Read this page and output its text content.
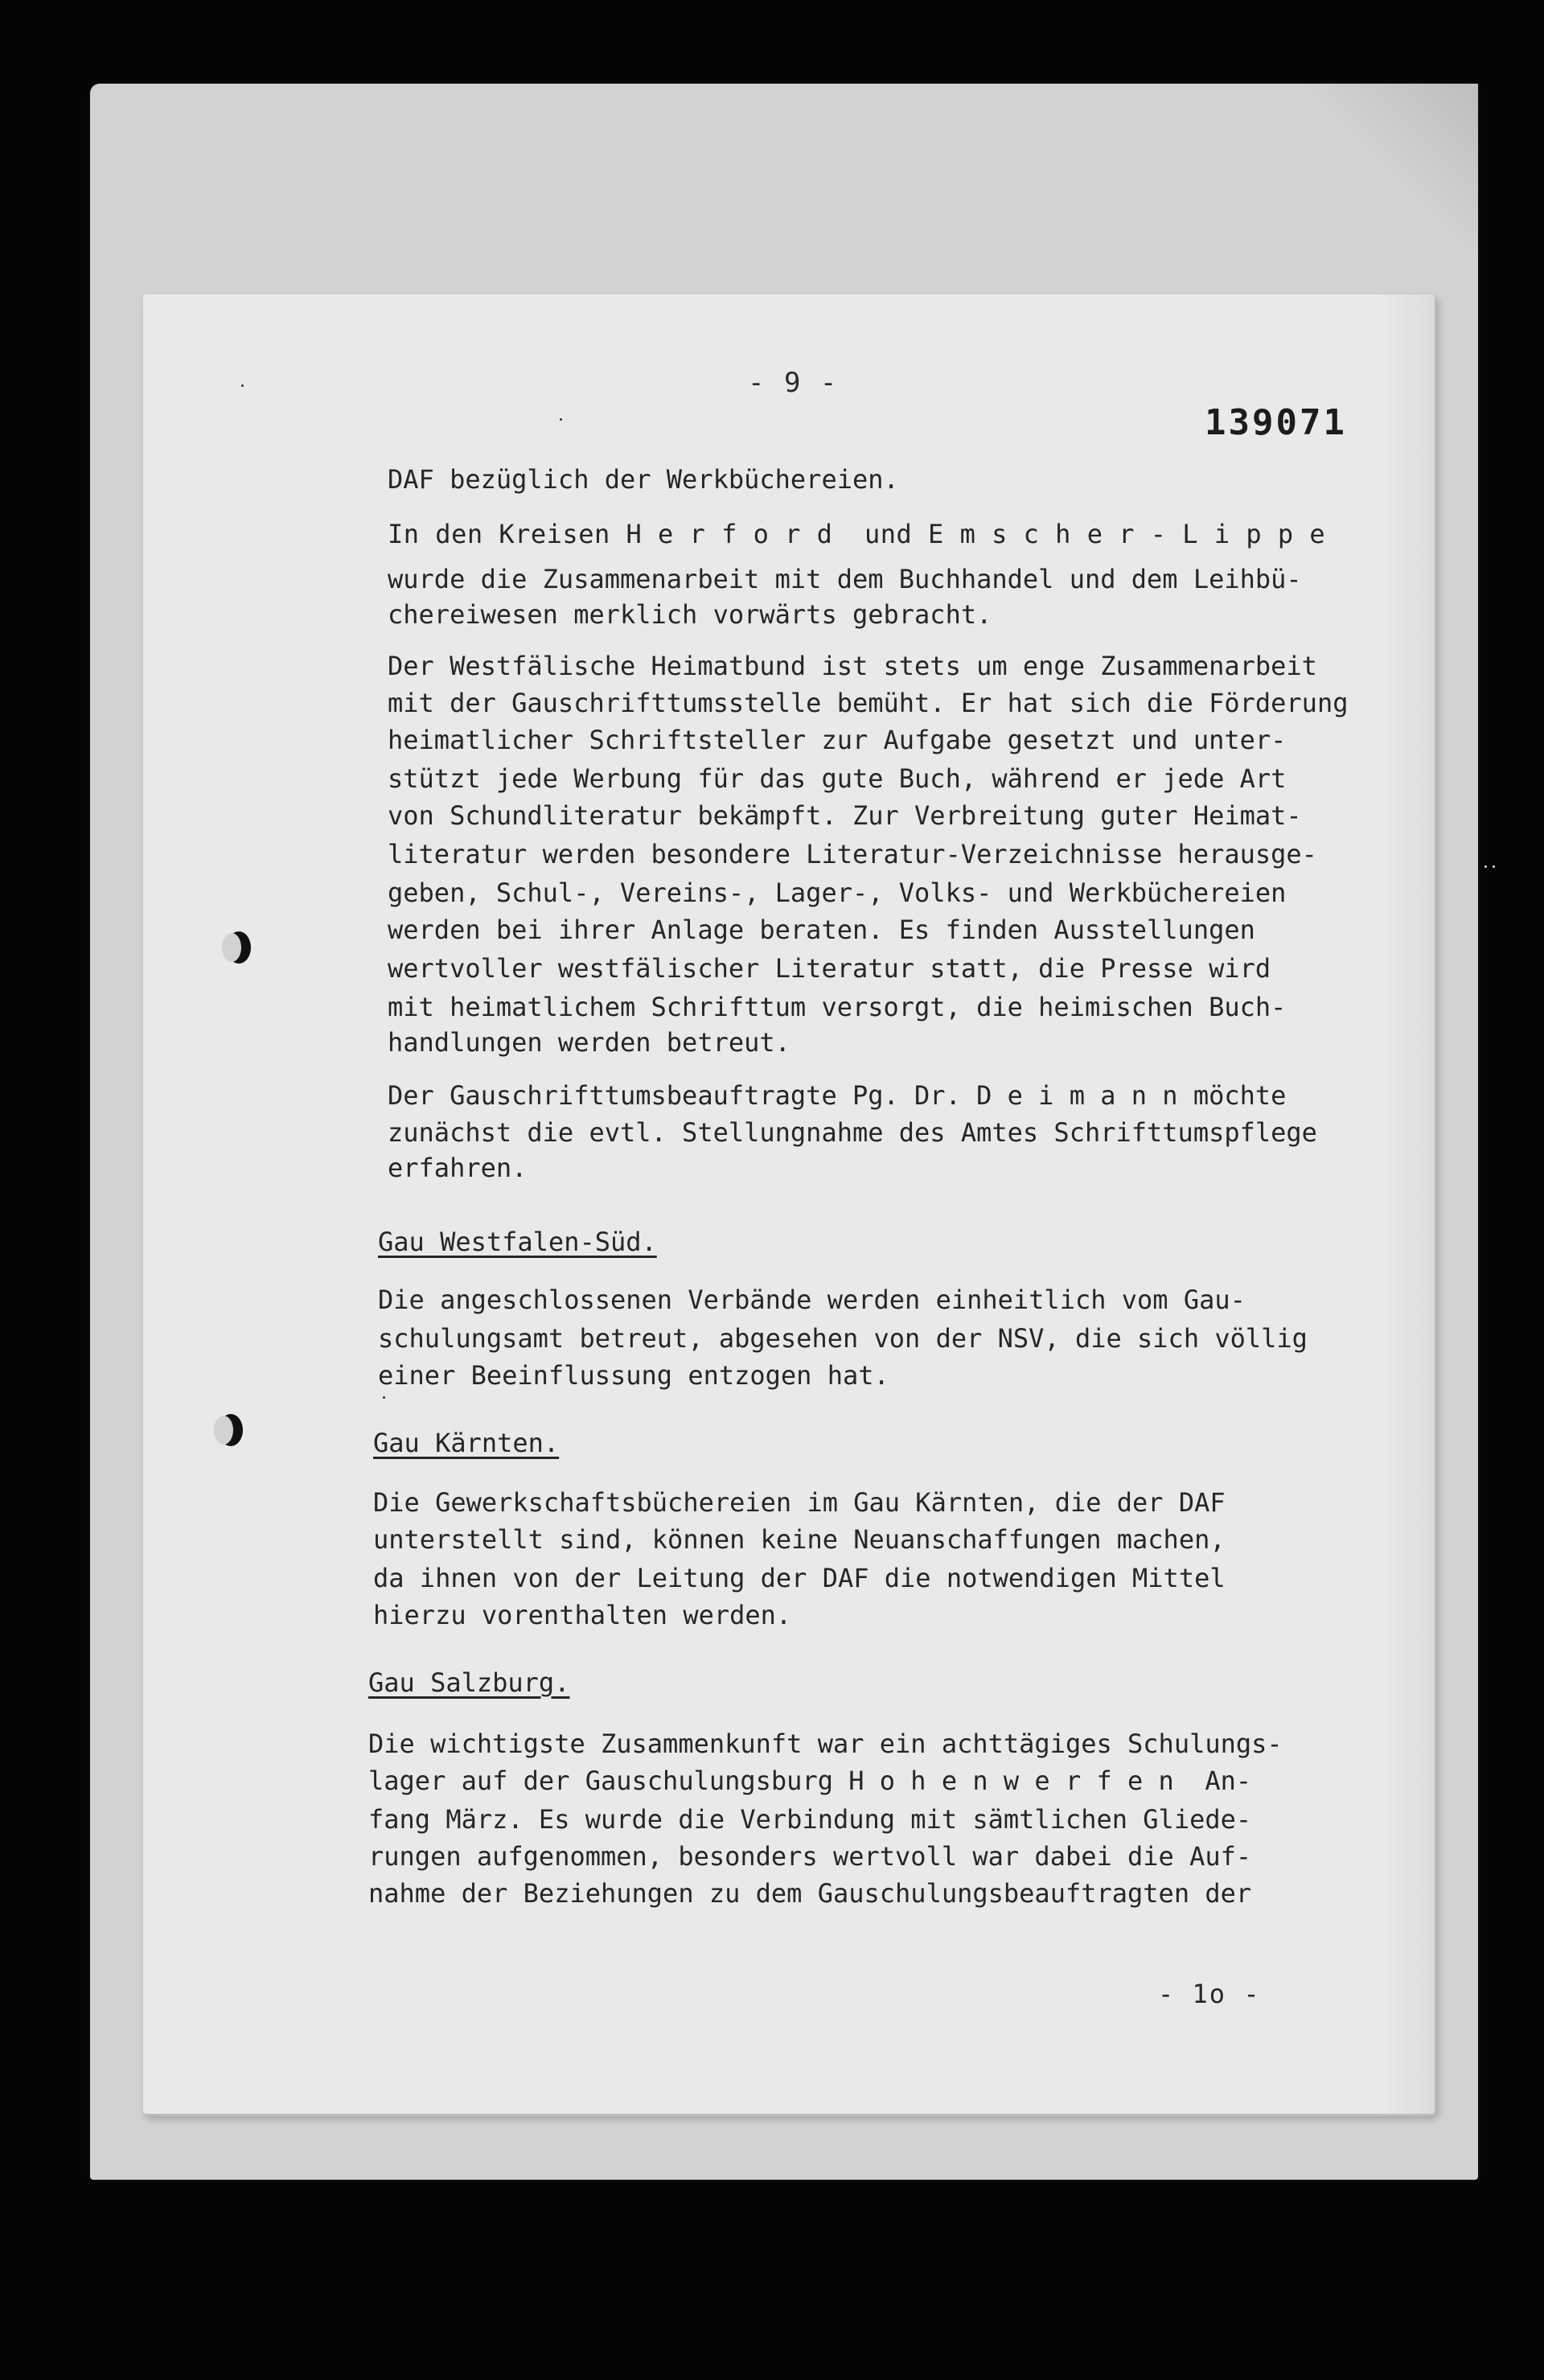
- 9 -
139071
DAF bezüglich der Werkbüchereien.
In den Kreisen H e r f o r d  und E m s c h e r - L i p p e
wurde die Zusammenarbeit mit dem Buchhandel und dem Leihbü-
chereiwesen merklich vorwärts gebracht.
Der Westfälische Heimatbund ist stets um enge Zusammenarbeit
mit der Gauschrifttumsstelle bemüht. Er hat sich die Förderung
heimatlicher Schriftsteller zur Aufgabe gesetzt und unter-
stützt jede Werbung für das gute Buch, während er jede Art
von Schundliteratur bekämpft. Zur Verbreitung guter Heimat-
literatur werden besondere Literatur-Verzeichnisse herausge-
geben, Schul-, Vereins-, Lager-, Volks- und Werkbüchereien
werden bei ihrer Anlage beraten. Es finden Ausstellungen
wertvoller westfälischer Literatur statt, die Presse wird
mit heimatlichem Schrifttum versorgt, die heimischen Buch-
handlungen werden betreut.
Der Gauschrifttumsbeauftragte Pg. Dr. D e i m a n n möchte
zunächst die evtl. Stellungnahme des Amtes Schrifttumspflege
erfahren.
Gau Westfalen-Süd.
Die angeschlossenen Verbände werden einheitlich vom Gau-
schulungsamt betreut, abgesehen von der NSV, die sich völlig
einer Beeinflussung entzogen hat.
Gau Kärnten.
Die Gewerkschaftsbüchereien im Gau Kärnten, die der DAF
unterstellt sind, können keine Neuanschaffungen machen,
da ihnen von der Leitung der DAF die notwendigen Mittel
hierzu vorenthalten werden.
Gau Salzburg.
Die wichtigste Zusammenkunft war ein achttägiges Schulungs-
lager auf der Gauschulungsburg H o h e n w e r f e n  An-
fang März. Es wurde die Verbindung mit sämtlichen Gliede-
rungen aufgenommen, besonders wertvoll war dabei die Auf-
nahme der Beziehungen zu dem Gauschulungsbeauftragten der
- 1o -
